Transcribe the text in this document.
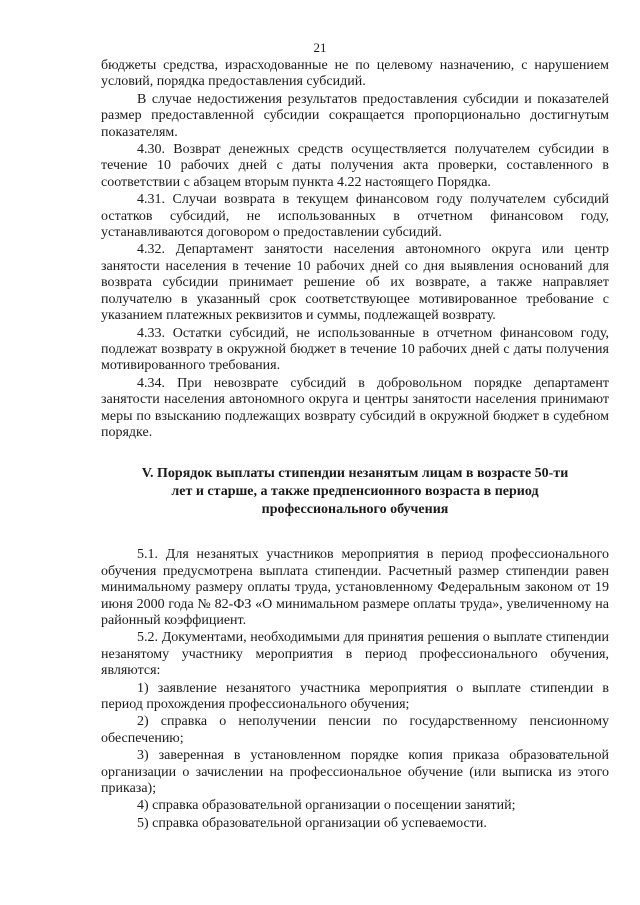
21

бюджеты средства, израсходованные не по целевому назначению, с нарушением условий, порядка предоставления субсидий.

В случае недостижения результатов предоставления субсидии и показателей размер предоставленной субсидии сокращается пропорционально достигнутым показателям.

4.30. Возврат денежных средств осуществляется получателем субсидии в течение 10 рабочих дней с даты получения акта проверки, составленного в соответствии с абзацем вторым пункта 4.22 настоящего Порядка.

4.31. Случаи возврата в текущем финансовом году получателем субсидий остатков субсидий, не использованных в отчетном финансовом году, устанавливаются договором о предоставлении субсидий.

4.32. Департамент занятости населения автономного округа или центр занятости населения в течение 10 рабочих дней со дня выявления оснований для возврата субсидии принимает решение об их возврате, а также направляет получателю в указанный срок соответствующее мотивированное требование с указанием платежных реквизитов и суммы, подлежащей возврату.

4.33. Остатки субсидий, не использованные в отчетном финансовом году, подлежат возврату в окружной бюджет в течение 10 рабочих дней с даты получения мотивированного требования.

4.34. При невозврате субсидий в добровольном порядке департамент занятости населения автономного округа и центры занятости населения принимают меры по взысканию подлежащих возврату субсидий в окружной бюджет в судебном порядке.

V. Порядок выплаты стипендии незанятым лицам в возрасте 50-ти лет и старше, а также предпенсионного возраста в период профессионального обучения

5.1. Для незанятых участников мероприятия в период профессионального обучения предусмотрена выплата стипендии. Расчетный размер стипендии равен минимальному размеру оплаты труда, установленному Федеральным законом от 19 июня 2000 года № 82-ФЗ «О минимальном размере оплаты труда», увеличенному на районный коэффициент.

5.2. Документами, необходимыми для принятия решения о выплате стипендии незанятому участнику мероприятия в период профессионального обучения, являются:

1) заявление незанятого участника мероприятия о выплате стипендии в период прохождения профессионального обучения;

2) справка о неполучении пенсии по государственному пенсионному обеспечению;

3) заверенная в установленном порядке копия приказа образовательной организации о зачислении на профессиональное обучение (или выписка из этого приказа);

4) справка образовательной организации о посещении занятий;

5) справка образовательной организации об успеваемости.
